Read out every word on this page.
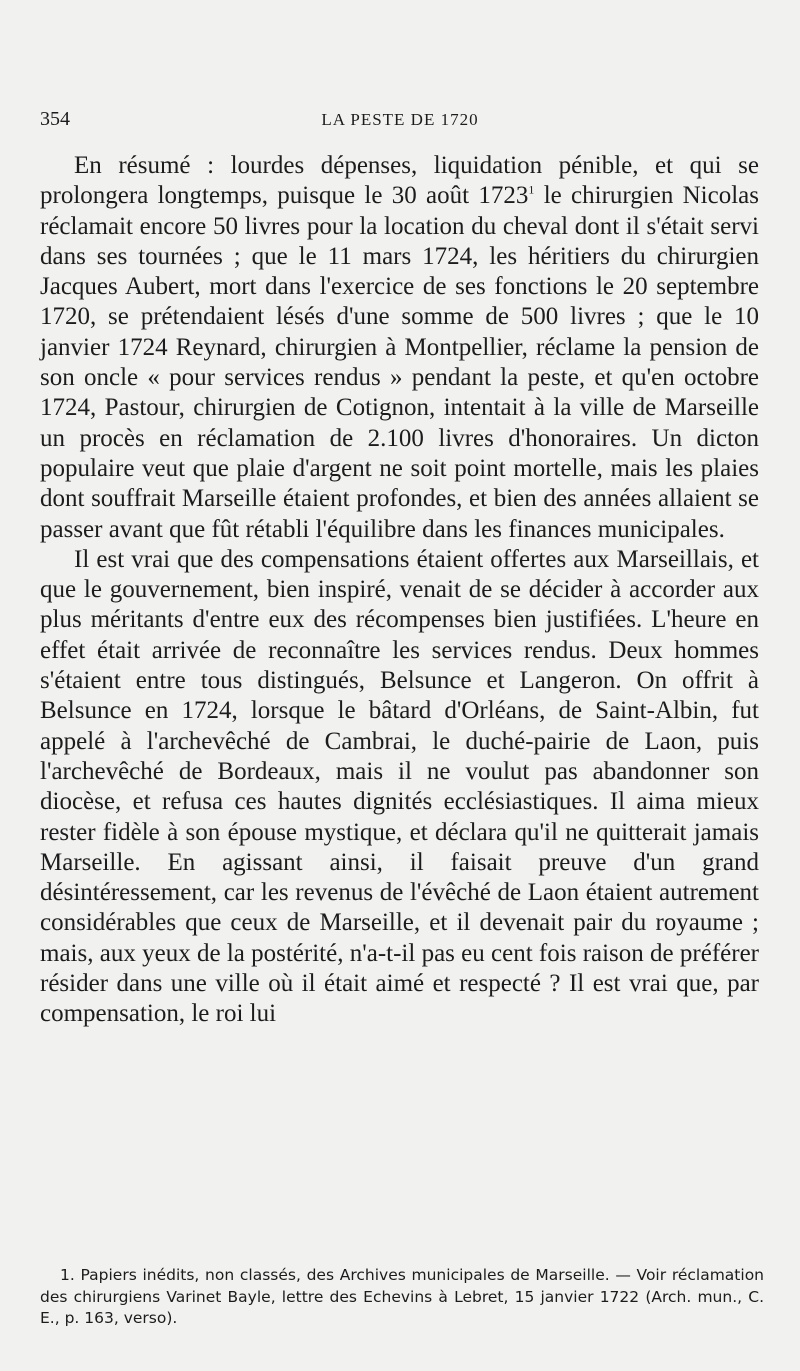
354	LA PESTE DE 1720

En résumé : lourdes dépenses, liquidation pénible, et qui se prolongera longtemps, puisque le 30 août 1723$^1$ le chirurgien Nicolas réclamait encore 50 livres pour la location du cheval dont il s'était servi dans ses tournées ; que le 11 mars 1724, les héritiers du chirurgien Jacques Aubert, mort dans l'exercice de ses fonctions le 20 septembre 1720, se prétendaient lésés d'une somme de 500 livres ; que le 10 janvier 1724 Reynard, chirurgien à Montpellier, réclame la pension de son oncle « pour services rendus » pendant la peste, et qu'en octobre 1724, Pastour, chirurgien de Cotignon, intentait à la ville de Marseille un procès en réclamation de 2.100 livres d'honoraires. Un dicton populaire veut que plaie d'argent ne soit point mortelle, mais les plaies dont souffrait Marseille étaient profondes, et bien des années allaient se passer avant que fût rétabli l'équilibre dans les finances municipales.

Il est vrai que des compensations étaient offertes aux Marseillais, et que le gouvernement, bien inspiré, venait de se décider à accorder aux plus méritants d'entre eux des récompenses bien justifiées. L'heure en effet était arrivée de reconnaître les services rendus. Deux hommes s'étaient entre tous distingués, Belsunce et Langeron. On offrit à Belsunce en 1724, lorsque le bâtard d'Orléans, de Saint-Albin, fut appelé à l'archevêché de Cambrai, le duché-pairie de Laon, puis l'archevêché de Bordeaux, mais il ne voulut pas abandonner son diocèse, et refusa ces hautes dignités ecclésiastiques. Il aima mieux rester fidèle à son épouse mystique, et déclara qu'il ne quitterait jamais Marseille. En agissant ainsi, il faisait preuve d'un grand désintéressement, car les revenus de l'évêché de Laon étaient autrement considérables que ceux de Marseille, et il devenait pair du royaume ; mais, aux yeux de la postérité, n'a-t-il pas eu cent fois raison de préférer résider dans une ville où il était aimé et respecté ? Il est vrai que, par compensation, le roi lui

1. Papiers inédits, non classés, des Archives municipales de Marseille. — Voir réclamation des chirurgiens Varinet Bayle, lettre des Echevins à Lebret, 15 janvier 1722 (Arch. mun., C. E., p. 163, verso).
